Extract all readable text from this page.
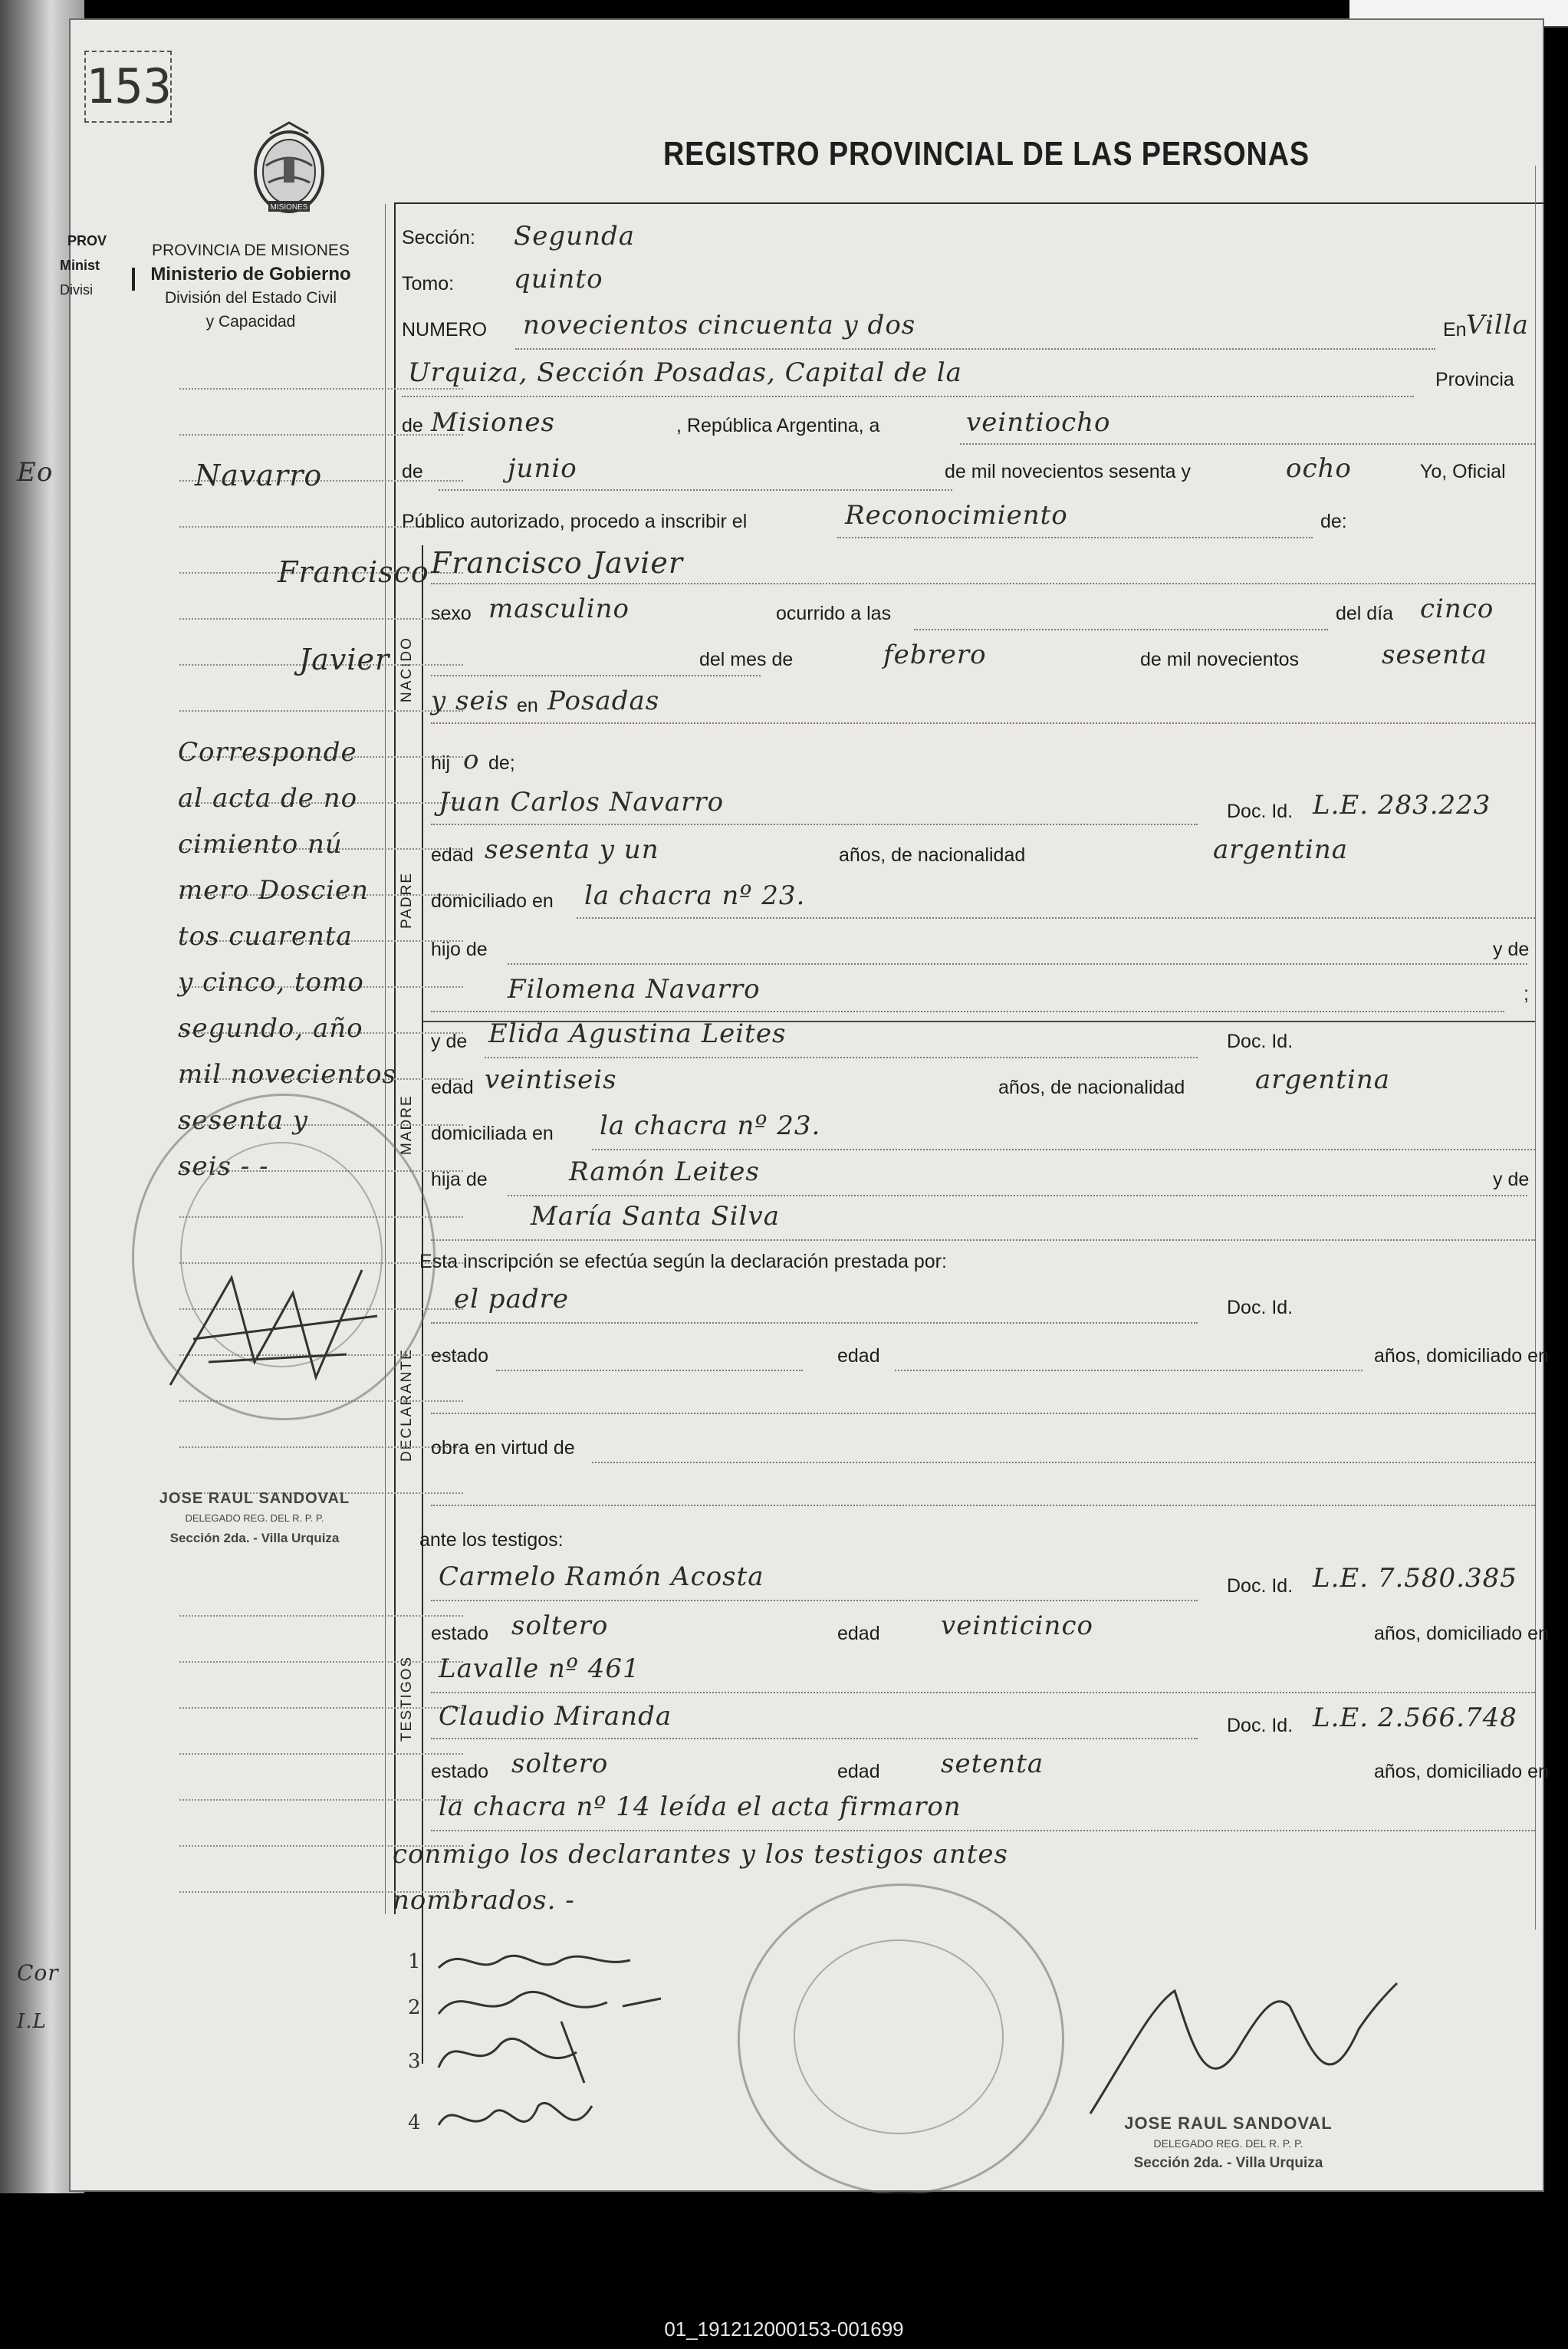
153
PROV
Minist
Divisi
Eo
Cor
I.L
MISIONES
REGISTRO PROVINCIAL DE LAS PERSONAS
PROVINCIA DE MISIONES
Ministerio de Gobierno
División del Estado Civil
y Capacidad
NACIDO
PADRE
MADRE
DECLARANTE
TESTIGOS
Navarro
Francisco
Javier
Corresponde
al acta de no
cimiento nú
mero Doscien
tos cuarenta
y cinco, tomo
segundo, año
mil novecientos
sesenta y
seis - -
JOSE RAUL SANDOVAL
DELEGADO REG. DEL R. P. P.
Sección 2da. - Villa Urquiza
Sección: Segunda
Tomo: quinto
NUMERO novecientos cincuenta y dos	En Villa
Urquiza, Sección Posadas, Capital de la	Provincia
de Misiones	, República Argentina, a	veintiocho
de	junio	de mil novecientos sesenta y	ocho	Yo, Oficial
Público autorizado, procedo a inscribir el	Reconocimiento	de:
Francisco Javier
sexo masculino	ocurrido a las	del día cinco
del mes de	febrero	de mil novecientos	sesenta
y seis en Posadas
hij o de;
Juan Carlos Navarro	Doc. Id. L.E. 283.223
edad sesenta y un	años, de nacionalidad	argentina
domiciliado en la chacra nº 23.
hijo de	y de
Filomena Navarro	;
y de Elida Agustina Leites	Doc. Id.
edad veintiseis	años, de nacionalidad	argentina
domiciliada en la chacra nº 23.
hija de	Ramón Leites	y de
María Santa Silva
Esta inscripción se efectúa según la declaración prestada por:
el padre	Doc. Id.
estado	edad	años, domiciliado en
obra en virtud de
ante los testigos:
Carmelo Ramón Acosta	Doc. Id. L.E. 7.580.385
estado soltero	edad veinticinco	años, domiciliado en
Lavalle nº 461
Claudio Miranda	Doc. Id. L.E. 2.566.748
estado soltero	edad setenta	años, domiciliado en
la chacra nº 14 leída el acta firmaron
conmigo los declarantes y los testigos antes
nombrados. -
1
2
3
4	JOSE RAUL SANDOVAL
DELEGADO REG. DEL R. P. P.
Sección 2da. - Villa Urquiza
01_191212000153-001699
